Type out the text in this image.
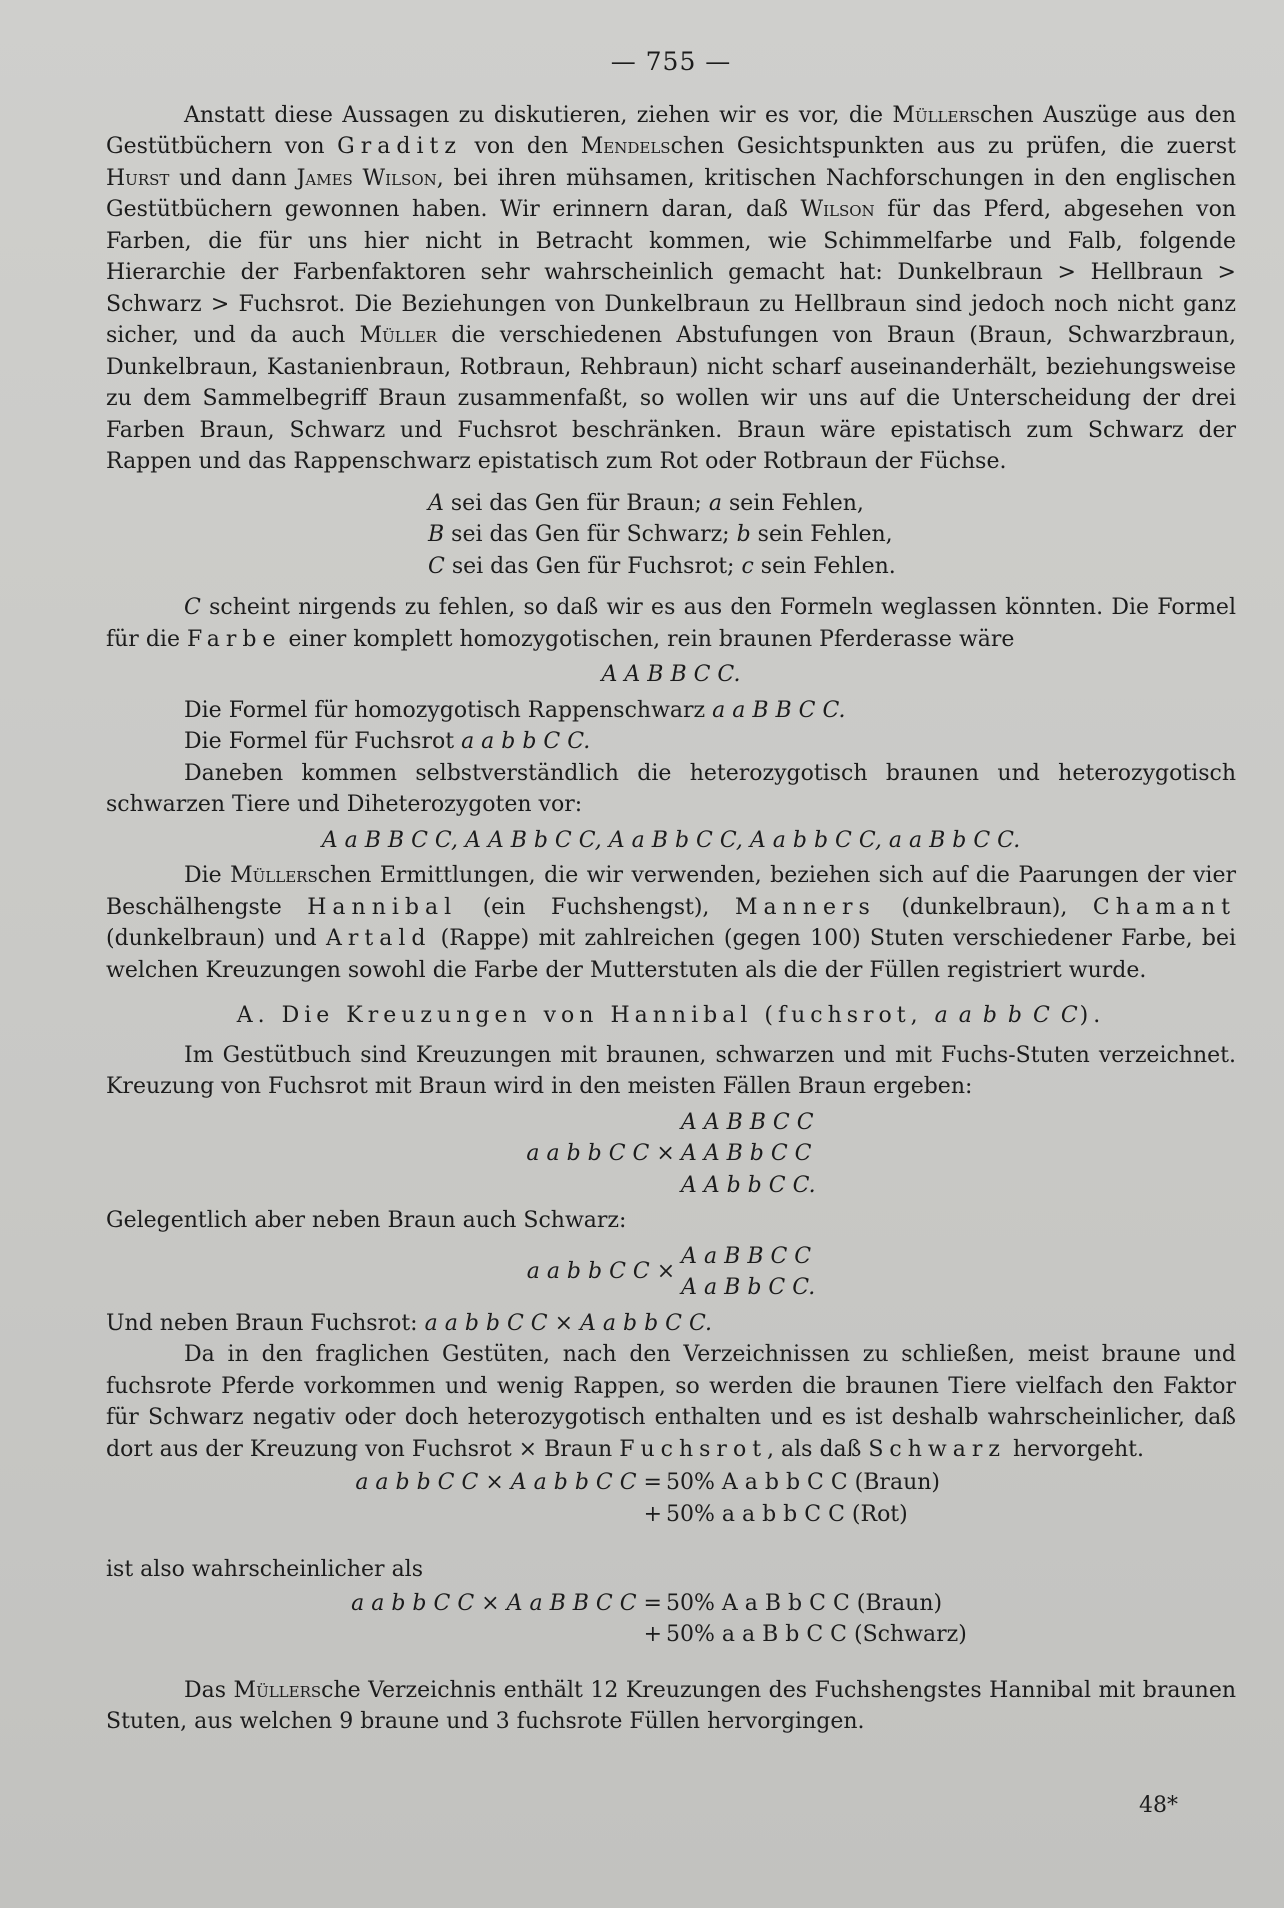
— 755 —

Anstatt diese Aussagen zu diskutieren, ziehen wir es vor, die Müllerschen Auszüge aus den Gestütbüchern von Graditz von den Mendelschen Gesichtspunkten aus zu prüfen, die zuerst Hurst und dann James Wilson, bei ihren mühsamen, kritischen Nachforschungen in den englischen Gestütbüchern gewonnen haben. Wir erinnern daran, daß Wilson für das Pferd, abgesehen von Farben, die für uns hier nicht in Betracht kommen, wie Schimmelfarbe und Falb, folgende Hierarchie der Farbenfaktoren sehr wahrscheinlich gemacht hat: Dunkelbraun > Hellbraun > Schwarz > Fuchsrot. Die Beziehungen von Dunkelbraun zu Hellbraun sind jedoch noch nicht ganz sicher, und da auch Müller die verschiedenen Abstufungen von Braun (Braun, Schwarzbraun, Dunkelbraun, Kastanienbraun, Rotbraun, Rehbraun) nicht scharf auseinanderhält, beziehungsweise zu dem Sammelbegriff Braun zusammenfaßt, so wollen wir uns auf die Unterscheidung der drei Farben Braun, Schwarz und Fuchsrot beschränken. Braun wäre epistatisch zum Schwarz der Rappen und das Rappenschwarz epistatisch zum Rot oder Rotbraun der Füchse.

A sei das Gen für Braun; a sein Fehlen,
B sei das Gen für Schwarz; b sein Fehlen,
C sei das Gen für Fuchsrot; c sein Fehlen.

C scheint nirgends zu fehlen, so daß wir es aus den Formeln weglassen könnten. Die Formel für die Farbe einer komplett homozygotischen, rein braunen Pferderasse wäre

A A B B C C.

Die Formel für homozygotisch Rappenschwarz a a B B C C.

Die Formel für Fuchsrot a a b b C C.

Daneben kommen selbstverständlich die heterozygotisch braunen und heterozygotisch schwarzen Tiere und Diheterozygoten vor:

A a B B C C, A A B b C C, A a B b C C, A a b b C C, a a B b C C.

Die Müllerschen Ermittlungen, die wir verwenden, beziehen sich auf die Paarungen der vier Beschälhengste Hannibal (ein Fuchshengst), Manners (dunkelbraun), Chamant (dunkelbraun) und Artald (Rappe) mit zahlreichen (gegen 100) Stuten verschiedener Farbe, bei welchen Kreuzungen sowohl die Farbe der Mutterstuten als die der Füllen registriert wurde.

A. Die Kreuzungen von Hannibal (fuchsrot, a a b b C C).

Im Gestütbuch sind Kreuzungen mit braunen, schwarzen und mit Fuchs-Stuten verzeichnet. Kreuzung von Fuchsrot mit Braun wird in den meisten Fällen Braun ergeben:

a a b b C C ×
A A B B C C
A A B b C C
A A b b C C.

Gelegentlich aber neben Braun auch Schwarz:

a a b b C C ×
A a B B C C
A a B b C C.

Und neben Braun Fuchsrot: a a b b C C × A a b b C C.

Da in den fraglichen Gestüten, nach den Verzeichnissen zu schließen, meist braune und fuchsrote Pferde vorkommen und wenig Rappen, so werden die braunen Tiere vielfach den Faktor für Schwarz negativ oder doch heterozygotisch enthalten und es ist deshalb wahrscheinlicher, daß dort aus der Kreuzung von Fuchsrot × Braun Fuchsrot, als daß Schwarz hervorgeht.

a a b b C C × A a b b C C = 50% A a b b C C (Braun)
+ 50% a a b b C C (Rot)

ist also wahrscheinlicher als

a a b b C C × A a B B C C = 50% A a B b C C (Braun)
+ 50% a a B b C C (Schwarz)

Das Müllersche Verzeichnis enthält 12 Kreuzungen des Fuchshengstes Hannibal mit braunen Stuten, aus welchen 9 braune und 3 fuchsrote Füllen hervorgingen.

48*
